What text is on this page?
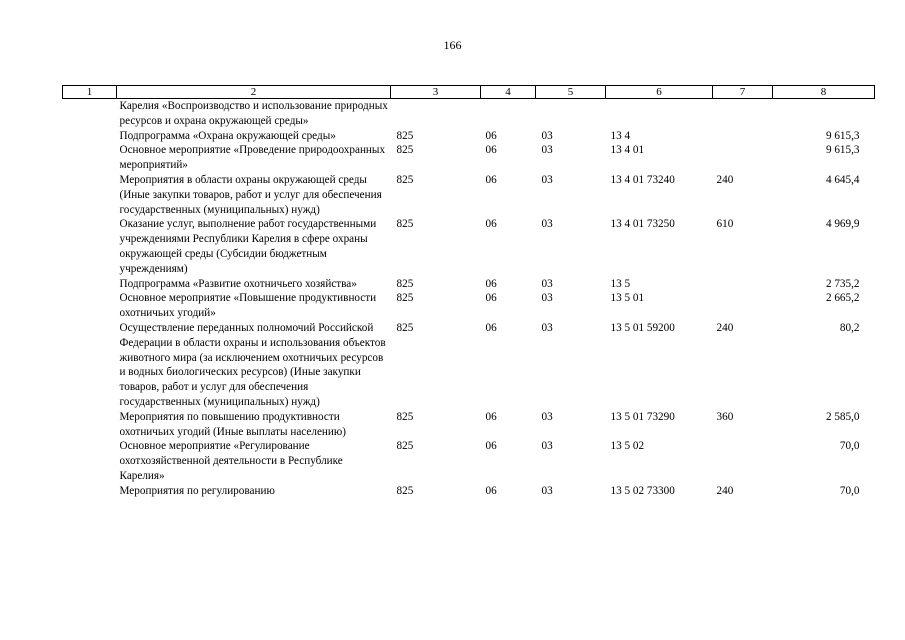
166
1	2	3	4	5	6	7	8
	Карелия «Воспроизводство и использование природных ресурсов и охрана окружающей среды»						
	Подпрограмма «Охрана окружающей среды»	825	06	03	13 4		9 615,3
	Основное мероприятие «Проведение природоохранных мероприятий»	825	06	03	13 4 01		9 615,3
	Мероприятия в области охраны окружающей среды (Иные закупки товаров, работ и услуг для обеспечения государственных (муниципальных) нужд)	825	06	03	13 4 01 73240	240	4 645,4
	Оказание услуг, выполнение работ государственными учреждениями Республики Карелия в сфере охраны окружающей среды (Субсидии бюджетным учреждениям)	825	06	03	13 4 01 73250	610	4 969,9
	Подпрограмма «Развитие охотничьего хозяйства»	825	06	03	13 5		2 735,2
	Основное мероприятие «Повышение продуктивности охотничьих угодий»	825	06	03	13 5 01		2 665,2
	Осуществление переданных полномочий Российской Федерации в области охраны и использования объектов животного мира (за исключением охотничьих ресурсов и водных биологических ресурсов) (Иные закупки товаров, работ и услуг для обеспечения государственных (муниципальных) нужд)	825	06	03	13 5 01 59200	240	80,2
	Мероприятия по повышению продуктивности охотничьих угодий (Иные выплаты населению)	825	06	03	13 5 01 73290	360	2 585,0
	Основное мероприятие «Регулирование охотхозяйственной деятельности в Республике Карелия»	825	06	03	13 5 02		70,0
	Мероприятия по регулированию	825	06	03	13 5 02 73300	240	70,0
